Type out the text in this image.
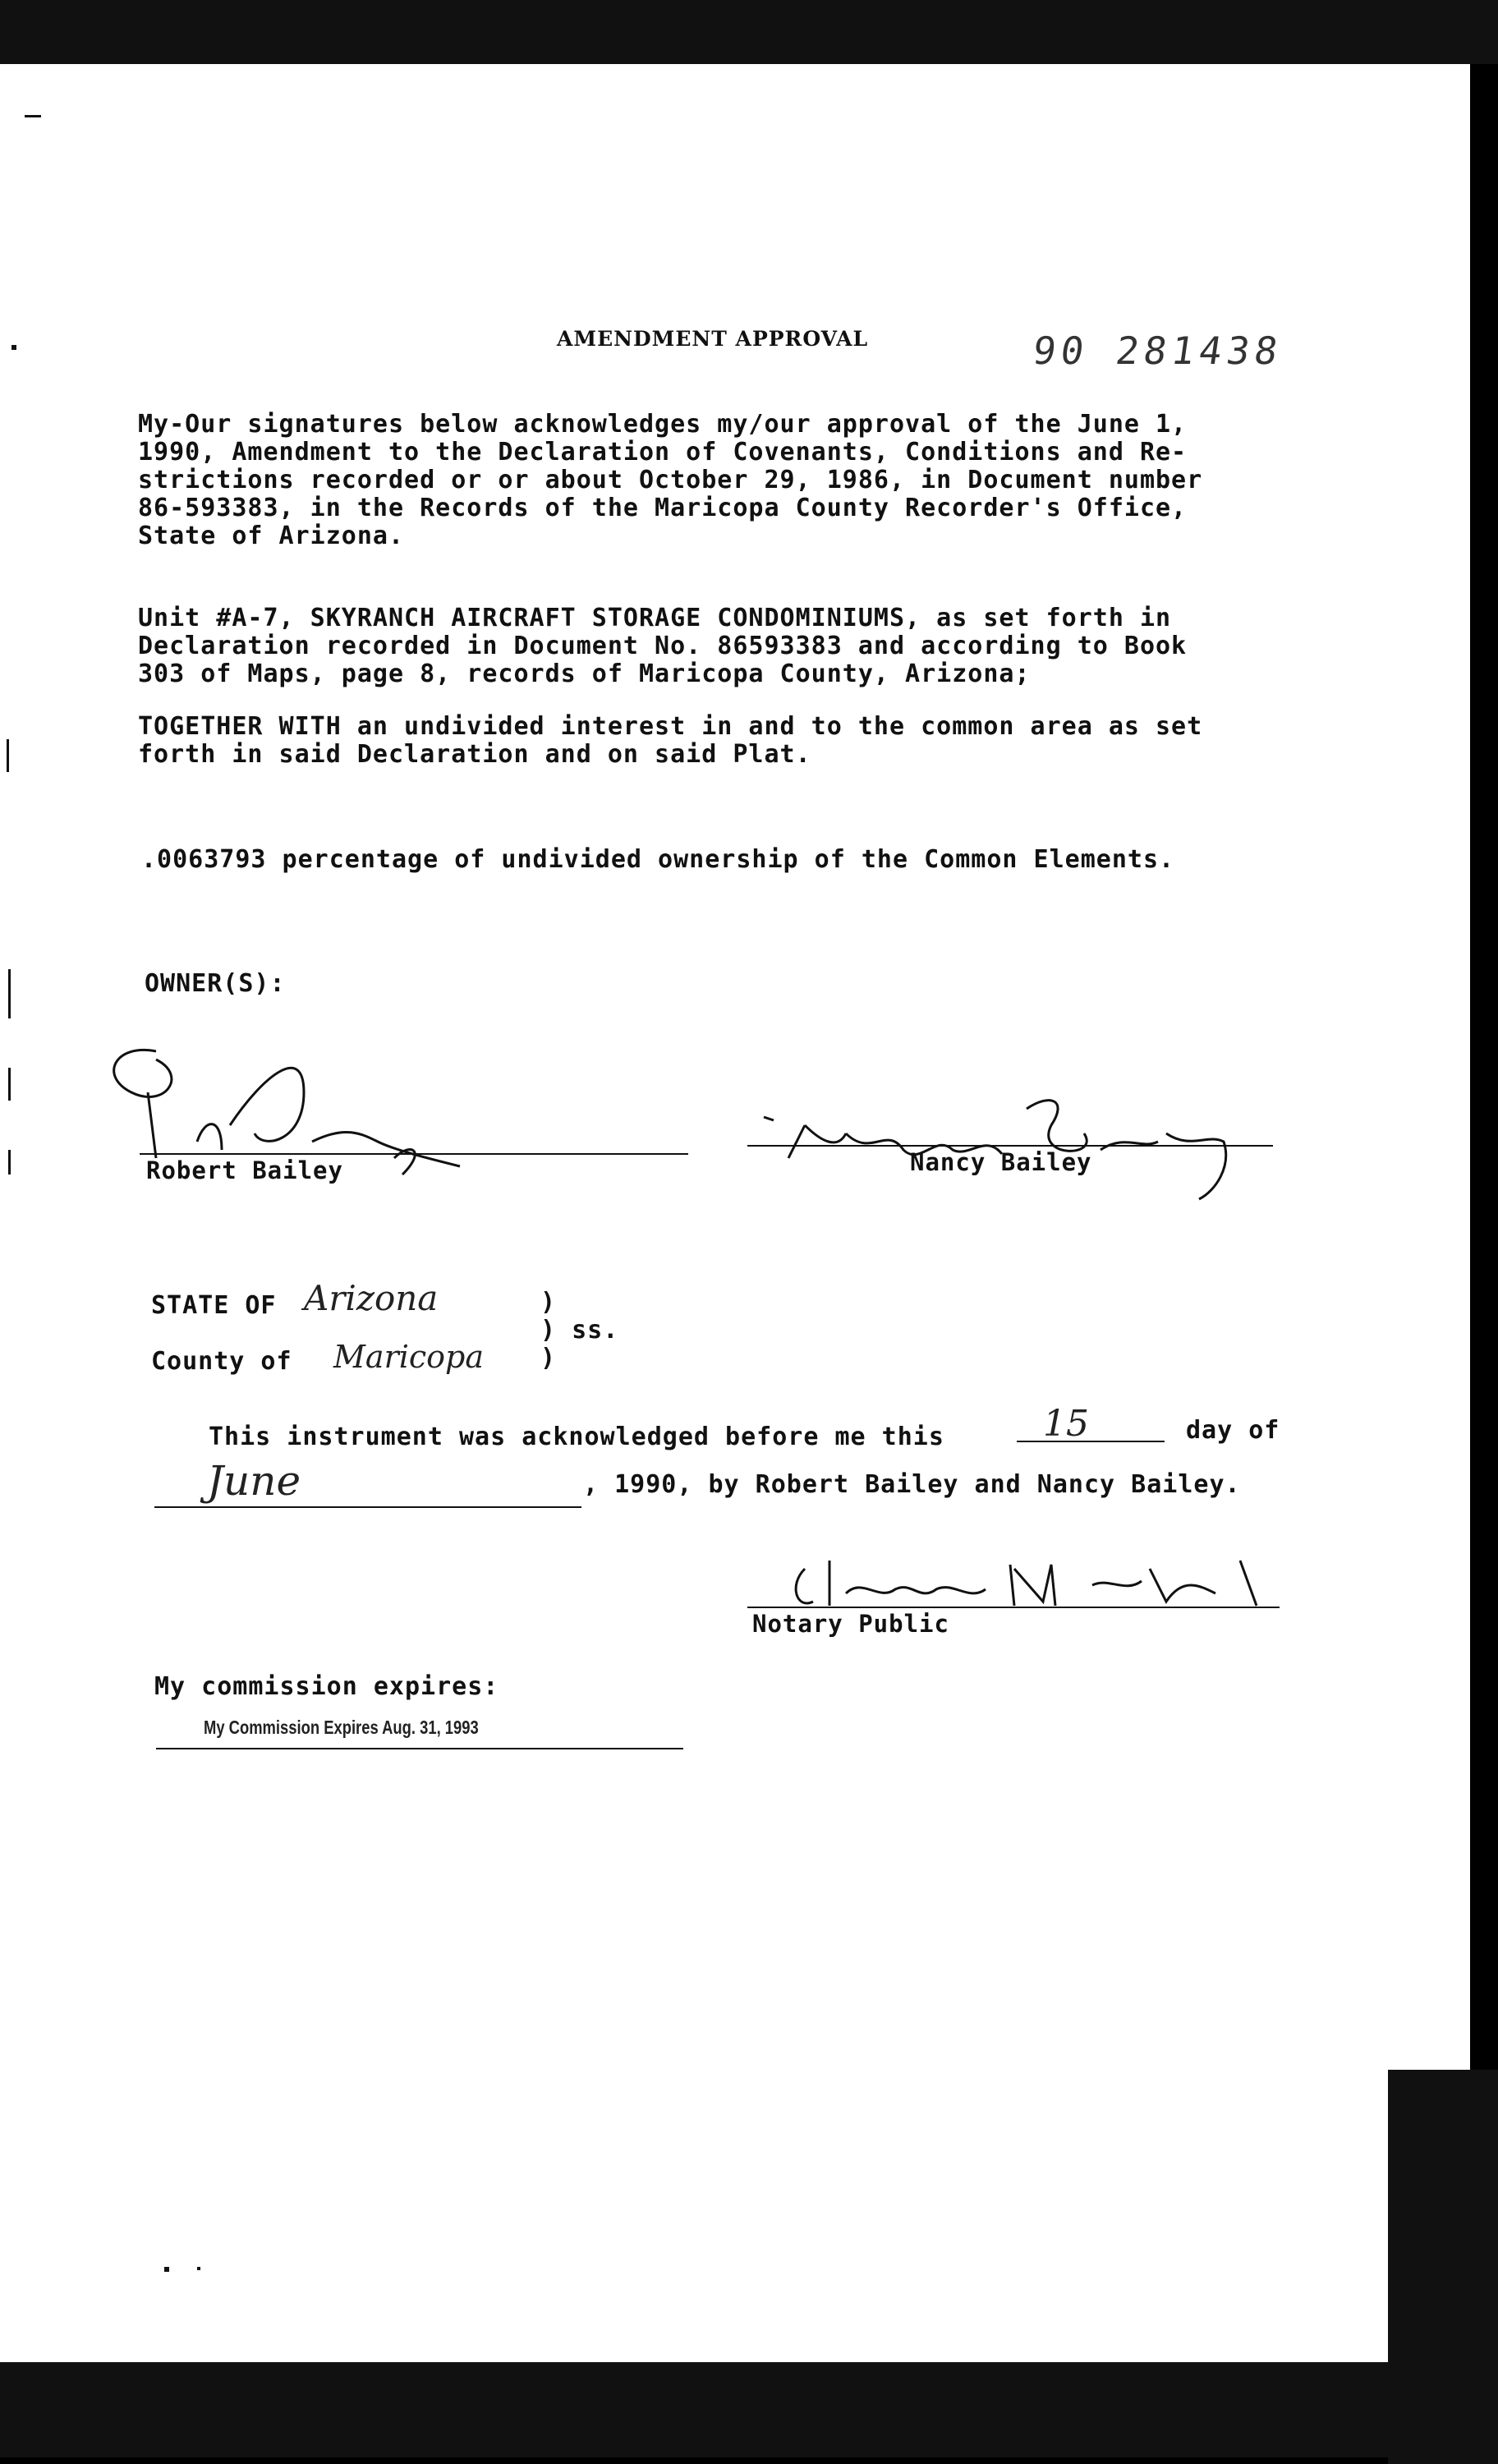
AMENDMENT APPROVAL	90 281438
My-Our signatures below acknowledges my/our approval of the June 1,
1990, Amendment to the Declaration of Covenants, Conditions and Re-
strictions recorded or or about October 29, 1986, in Document number
86-593383, in the Records of the Maricopa County Recorder's Office,
State of Arizona.
Unit #A-7, SKYRANCH AIRCRAFT STORAGE CONDOMINIUMS, as set forth in
Declaration recorded in Document No. 86593383 and according to Book
303 of Maps, page 8, records of Maricopa County, Arizona;
TOGETHER WITH an undivided interest in and to the common area as set
forth in said Declaration and on said Plat.
.0063793 percentage of undivided ownership of the Common Elements.
OWNER(S):
Robert Bailey	Nancy Bailey
STATE OF Arizona	)
) ss.
County of Maricopa )
This instrument was acknowledged before me this	15	day of
June	, 1990, by Robert Bailey and Nancy Bailey.
Notary Public
My commission expires:
My Commission Expires Aug. 31, 1993
